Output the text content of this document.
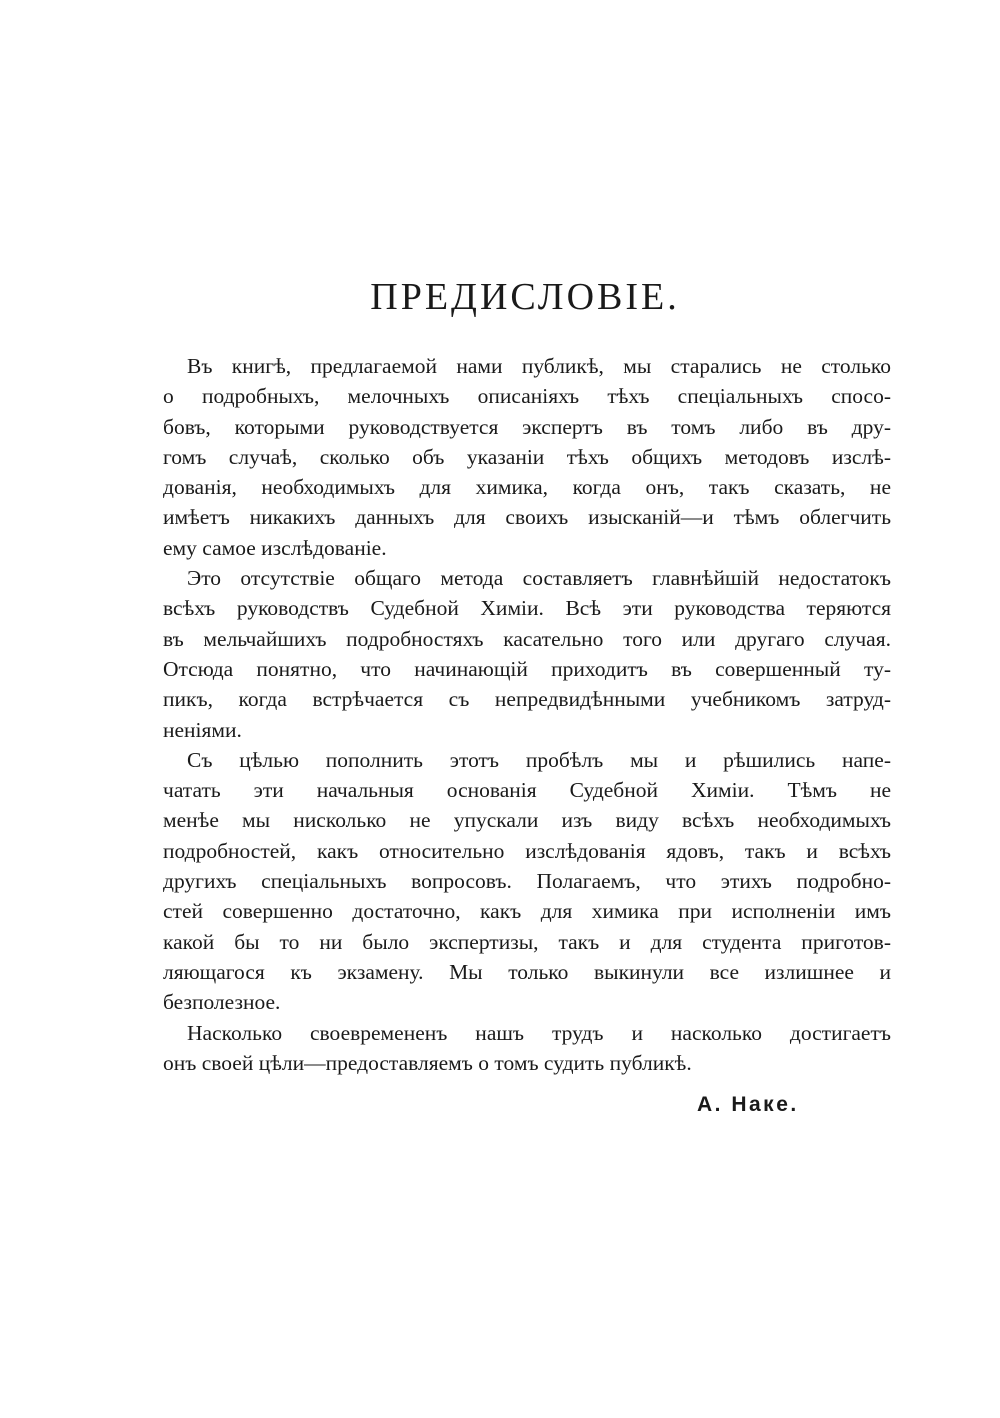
ПРЕДИСЛОВІЕ.
Въ книгѣ, предлагаемой нами публикѣ, мы старались не столько
о подробныхъ, мелочныхъ описаніяхъ тѣхъ спеціальныхъ спосо-
бовъ, которыми руководствуется экспертъ въ томъ либо въ дру-
гомъ случаѣ, сколько объ указаніи тѣхъ общихъ методовъ изслѣ-
дованія, необходимыхъ для химика, когда онъ, такъ сказать, не
имѣетъ никакихъ данныхъ для своихъ изысканій—и тѣмъ облегчить
ему самое изслѣдованіе.
Это отсутствіе общаго метода составляетъ главнѣйшій недостатокъ
всѣхъ руководствъ Судебной Химіи. Всѣ эти руководства теряются
въ мельчайшихъ подробностяхъ касательно того или другаго случая.
Отсюда понятно, что начинающій приходитъ въ совершенный ту-
пикъ, когда встрѣчается съ непредвидѣнными учебникомъ затруд-
неніями.
Съ цѣлью пополнить этотъ пробѣлъ мы и рѣшились напе-
чатать эти начальныя основанія Судебной Химіи. Тѣмъ не
менѣе мы нисколько не упускали изъ виду всѣхъ необходимыхъ
подробностей, какъ относительно изслѣдованія ядовъ, такъ и всѣхъ
другихъ спеціальныхъ вопросовъ. Полагаемъ, что этихъ подробно-
стей совершенно достаточно, какъ для химика при исполненіи имъ
какой бы то ни было экспертизы, такъ и для студента приготов-
ляющагося къ экзамену. Мы только выкинули все излишнее и
безполезное.
Насколько своевремененъ нашъ трудъ и насколько достигаетъ
онъ своей цѣли—предоставляемъ о томъ судить публикѣ.
А. Наке.
